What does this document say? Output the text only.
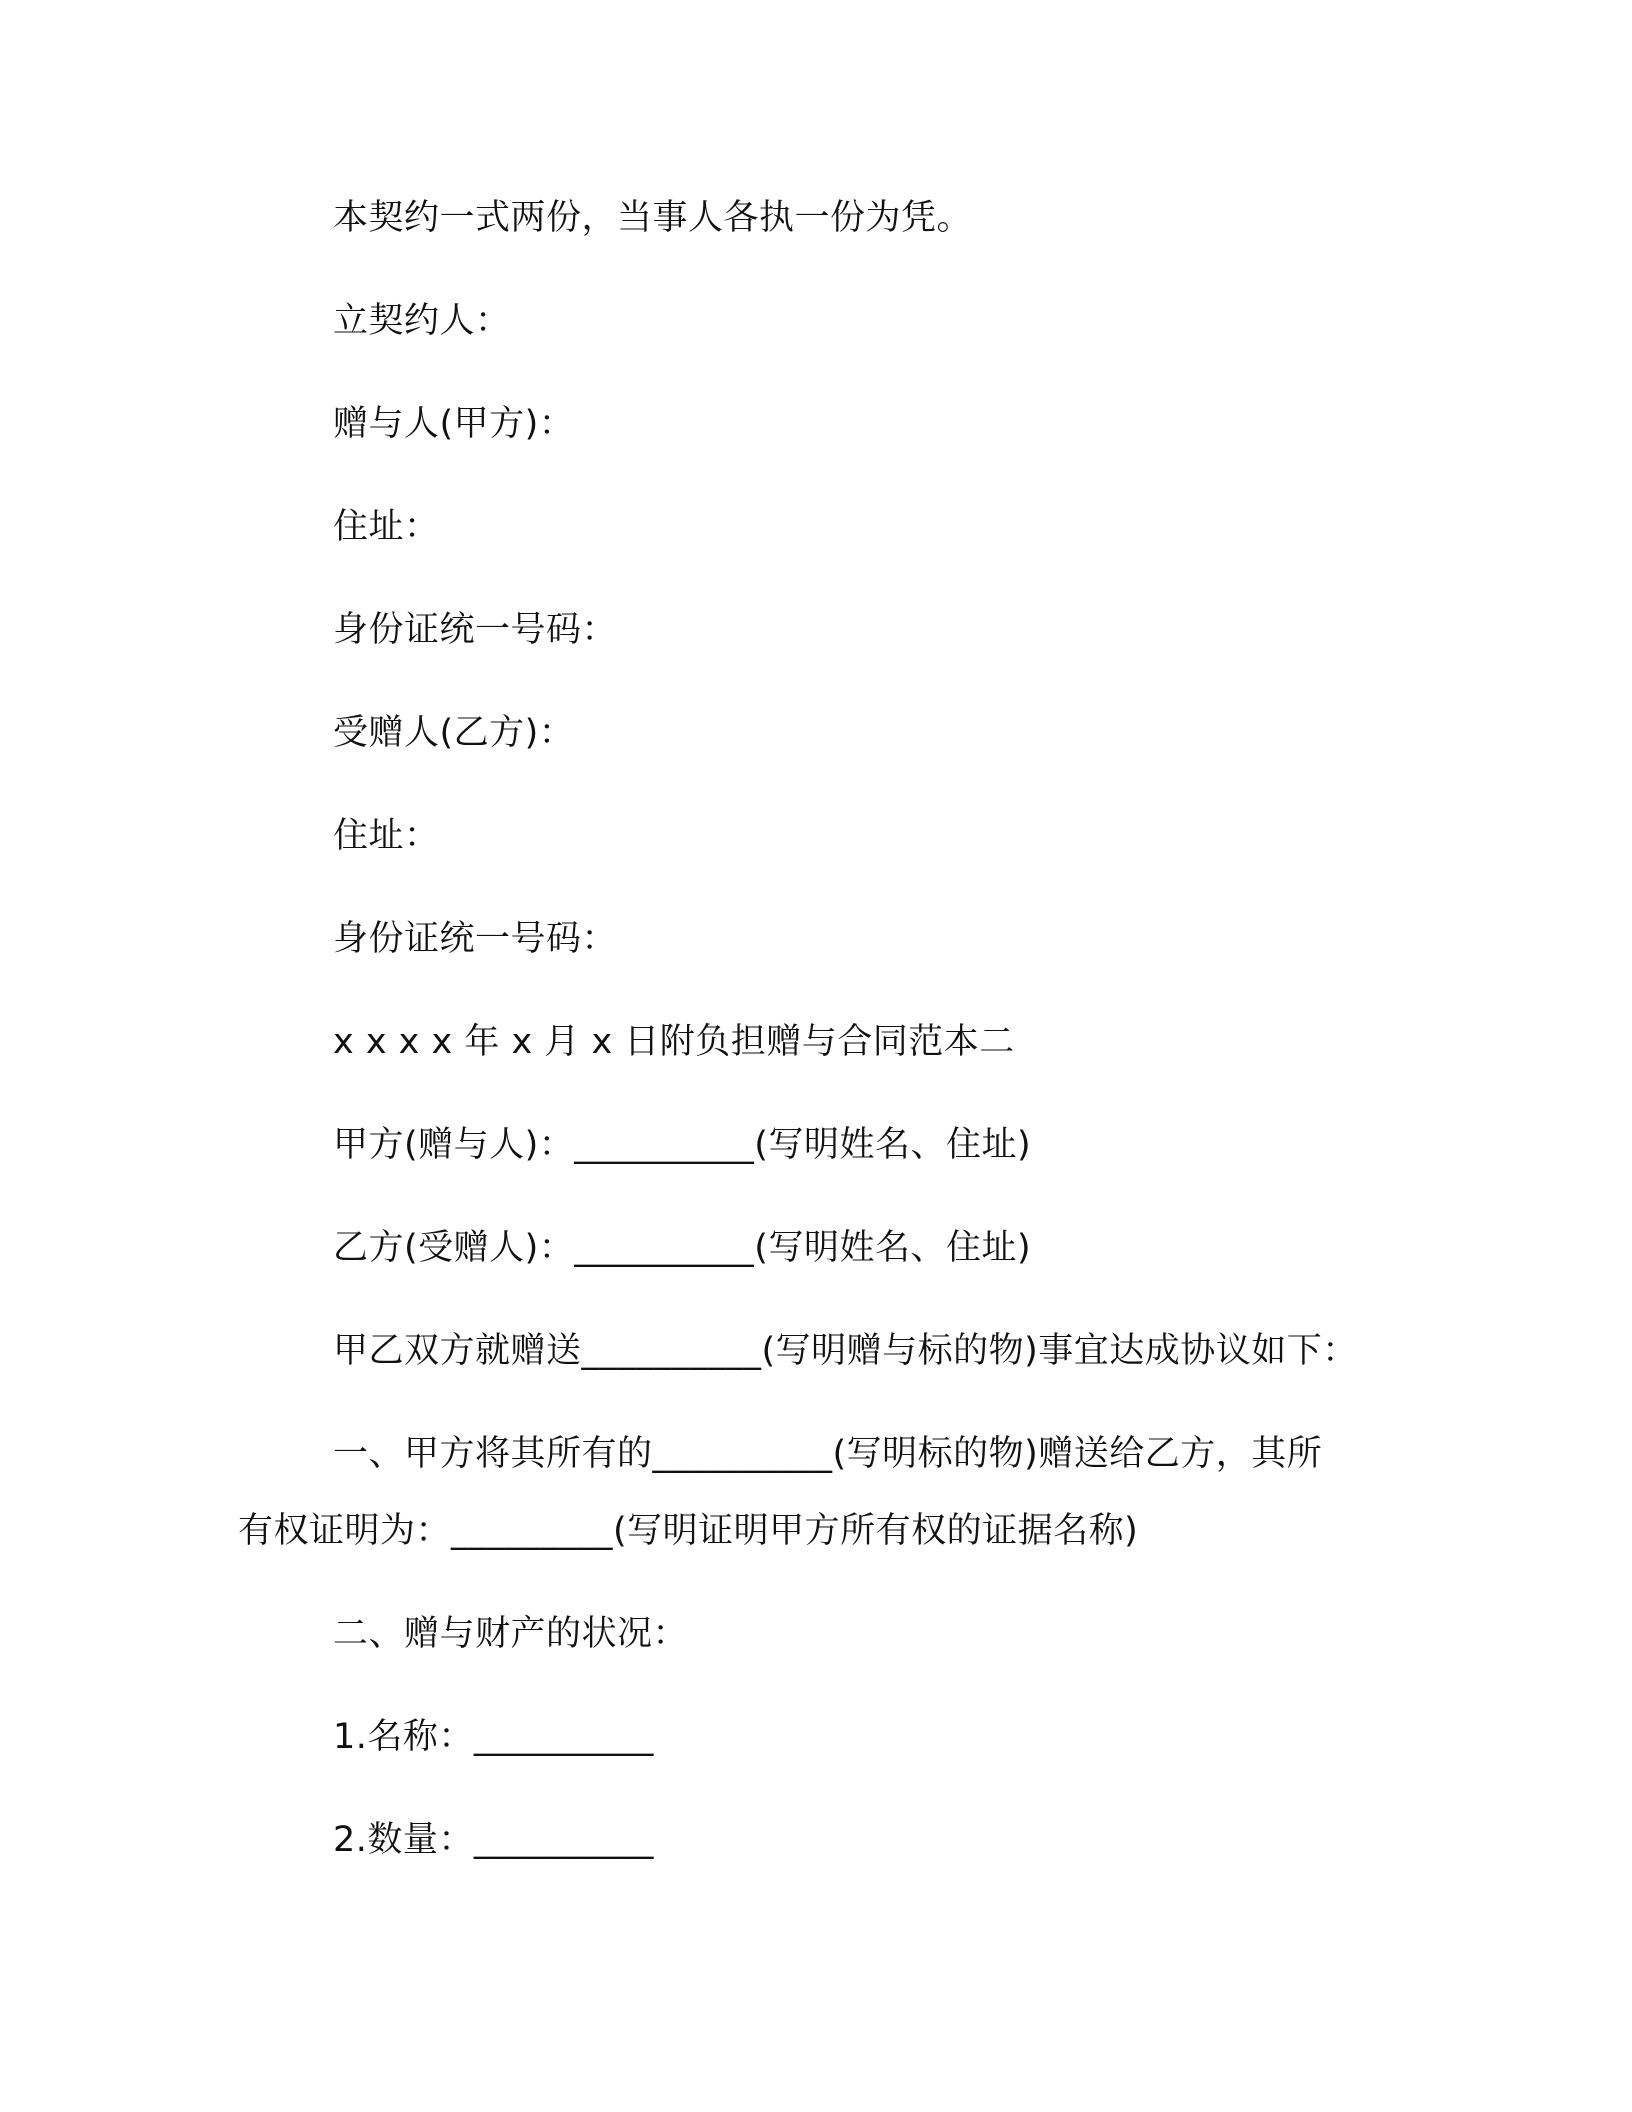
本契约一式两份，当事人各执一份为凭。
立契约人：
赠与人(甲方)：
住址：
身份证统一号码：
受赠人(乙方)：
住址：
身份证统一号码：
x x x x 年 x 月 x 日附负担赠与合同范本二
甲方(赠与人)：__________(写明姓名、住址)
乙方(受赠人)：__________(写明姓名、住址)
甲乙双方就赠送__________(写明赠与标的物)事宜达成协议如下：
一、甲方将其所有的__________(写明标的物)赠送给乙方，其所
有权证明为：_________(写明证明甲方所有权的证据名称)
二、赠与财产的状况：
1.名称：__________
2.数量：__________
